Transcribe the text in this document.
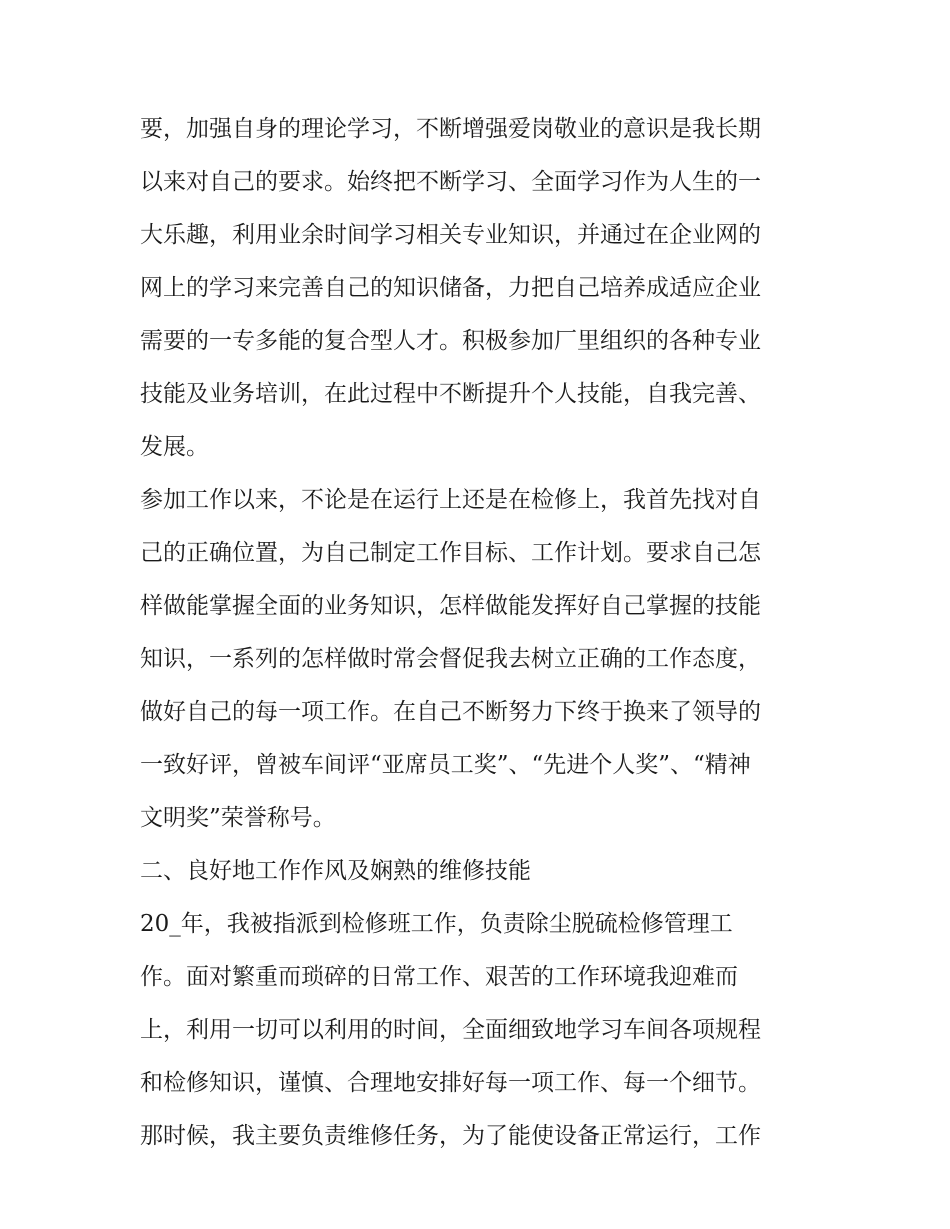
要，加强自身的理论学习，不断增强爱岗敬业的意识是我长期
以来对自己的要求。始终把不断学习、全面学习作为人生的一
大乐趣，利用业余时间学习相关专业知识，并通过在企业网的
网上的学习来完善自己的知识储备，力把自己培养成适应企业
需要的一专多能的复合型人才。积极参加厂里组织的各种专业
技能及业务培训，在此过程中不断提升个人技能，自我完善、
发展。
参加工作以来，不论是在运行上还是在检修上，我首先找对自
己的正确位置，为自己制定工作目标、工作计划。要求自己怎
样做能掌握全面的业务知识，怎样做能发挥好自己掌握的技能
知识，一系列的怎样做时常会督促我去树立正确的工作态度，
做好自己的每一项工作。在自己不断努力下终于换来了领导的
一致好评，曾被车间评“亚席员工奖”、“先进个人奖”、“精神
文明奖”荣誉称号。
二、良好地工作作风及娴熟的维修技能
20_年，我被指派到检修班工作，负责除尘脱硫检修管理工
作。面对繁重而琐碎的日常工作、艰苦的工作环境我迎难而
上，利用一切可以利用的时间，全面细致地学习车间各项规程
和检修知识，谨慎、合理地安排好每一项工作、每一个细节。
那时候，我主要负责维修任务，为了能使设备正常运行，工作
